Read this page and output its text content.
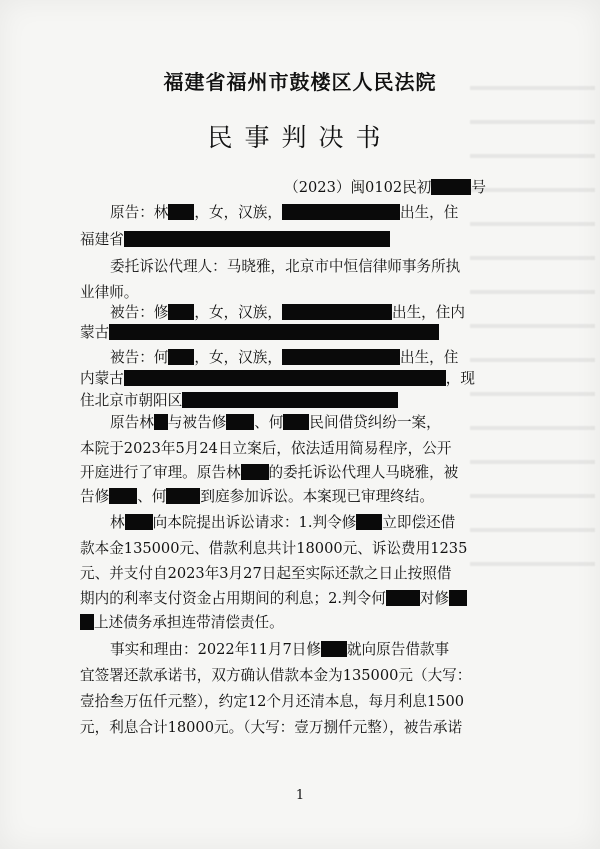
福建省福州市鼓楼区人民法院
民事判决书
（2023）闽0102民初	号
原告：林 ，女，汉族，	出生，住
福建省
委托诉讼代理人：马晓雅，北京市中恒信律师事务所执
业律师。
被告：修 ，女，汉族，	出生，住内
蒙古
被告：何 ，女，汉族，	出生，住
内蒙古	，现
住北京市朝阳区
原告林 与被告修 、何 民间借贷纠纷一案，
本院于2023年5月24日立案后，依法适用简易程序，公开
开庭进行了审理。原告林 的委托诉讼代理人马晓雅，被
告修 、何 到庭参加诉讼。本案现已审理终结。
林 向本院提出诉讼请求：1.判令修 立即偿还借
款本金135000元、借款利息共计18000元、诉讼费用1235
元、并支付自2023年3月27日起至实际还款之日止按照借
期内的利率支付资金占用期间的利息；2.判令何 对修
上述债务承担连带清偿责任。
事实和理由：2022年11月7日修 就向原告借款事
宜签署还款承诺书，双方确认借款本金为135000元（大写：
壹拾叁万伍仟元整），约定12个月还清本息，每月利息1500
元，利息合计18000元。（大写：壹万捌仟元整），被告承诺
1
